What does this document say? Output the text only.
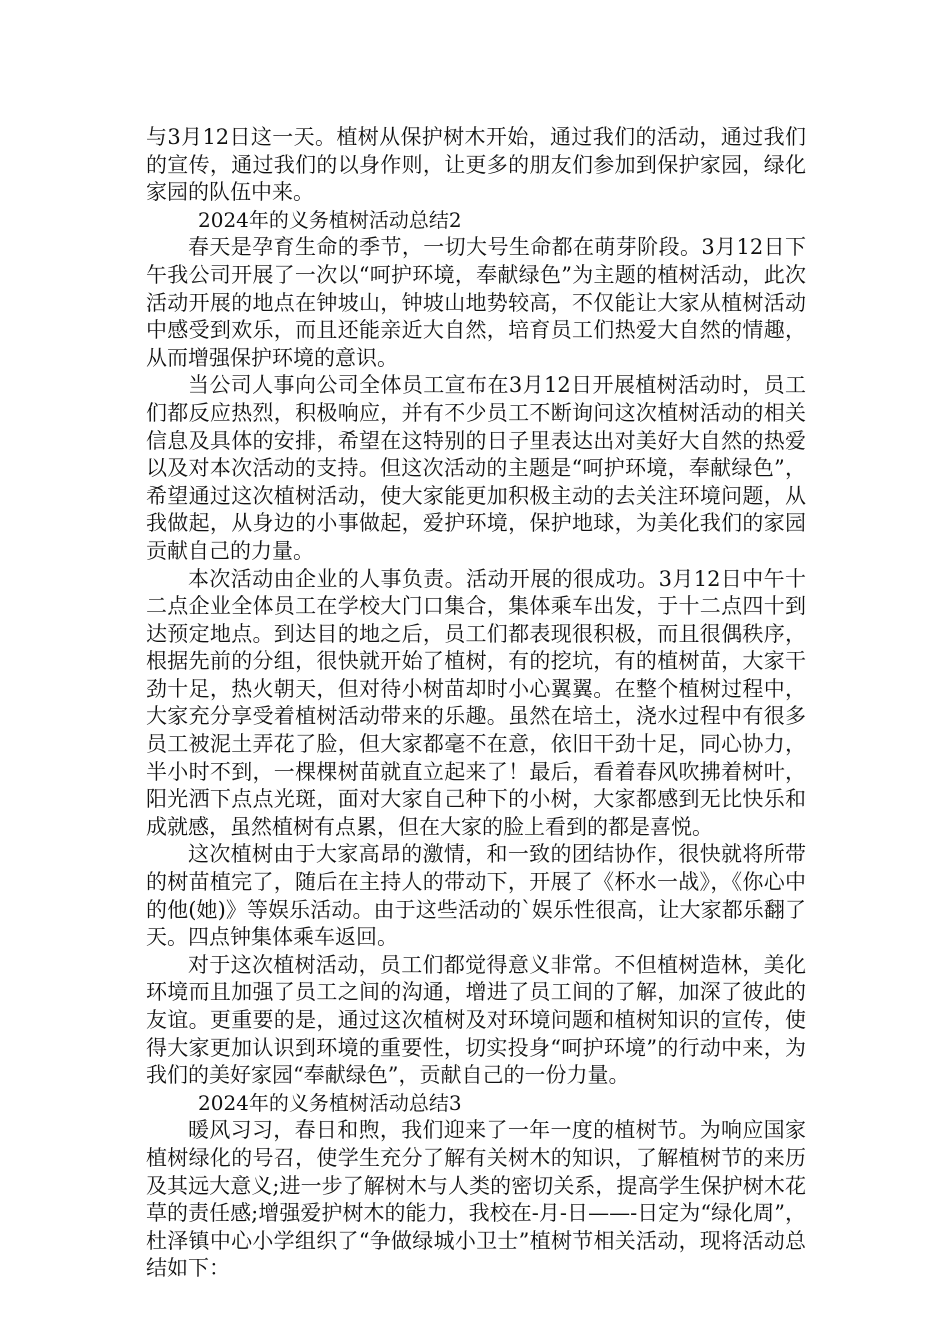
与3月12日这一天。植树从保护树木开始，通过我们的活动，通过我们的宣传，通过我们的以身作则，让更多的朋友们参加到保护家园，绿化家园的队伍中来。

2024年的义务植树活动总结2

春天是孕育生命的季节，一切大号生命都在萌芽阶段。3月12日下午我公司开展了一次以“呵护环境，奉献绿色”为主题的植树活动，此次活动开展的地点在钟坡山，钟坡山地势较高，不仅能让大家从植树活动中感受到欢乐，而且还能亲近大自然，培育员工们热爱大自然的情趣，从而增强保护环境的意识。

当公司人事向公司全体员工宣布在3月12日开展植树活动时，员工们都反应热烈，积极响应，并有不少员工不断询问这次植树活动的相关信息及具体的安排，希望在这特别的日子里表达出对美好大自然的热爱以及对本次活动的支持。但这次活动的主题是“呵护环境，奉献绿色”，希望通过这次植树活动，使大家能更加积极主动的去关注环境问题，从我做起，从身边的小事做起，爱护环境，保护地球，为美化我们的家园贡献自己的力量。

本次活动由企业的人事负责。活动开展的很成功。3月12日中午十二点企业全体员工在学校大门口集合，集体乘车出发，于十二点四十到达预定地点。到达目的地之后，员工们都表现很积极，而且很偶秩序，根据先前的分组，很快就开始了植树，有的挖坑，有的植树苗，大家干劲十足，热火朝天，但对待小树苗却时小心翼翼。在整个植树过程中，大家充分享受着植树活动带来的乐趣。虽然在培土，浇水过程中有很多员工被泥土弄花了脸，但大家都毫不在意，依旧干劲十足，同心协力，半小时不到，一棵棵树苗就直立起来了！最后，看着春风吹拂着树叶，阳光洒下点点光斑，面对大家自己种下的小树，大家都感到无比快乐和成就感，虽然植树有点累，但在大家的脸上看到的都是喜悦。

这次植树由于大家高昂的激情，和一致的团结协作，很快就将所带的树苗植完了，随后在主持人的带动下，开展了《杯水一战》，《你心中的他(她)》等娱乐活动。由于这些活动的`娱乐性很高，让大家都乐翻了天。四点钟集体乘车返回。

对于这次植树活动，员工们都觉得意义非常。不但植树造林，美化环境而且加强了员工之间的沟通，增进了员工间的了解，加深了彼此的友谊。更重要的是，通过这次植树及对环境问题和植树知识的宣传，使得大家更加认识到环境的重要性，切实投身“呵护环境”的行动中来，为我们的美好家园“奉献绿色”，贡献自己的一份力量。

2024年的义务植树活动总结3

暖风习习，春日和煦，我们迎来了一年一度的植树节。为响应国家植树绿化的号召，使学生充分了解有关树木的知识，了解植树节的来历及其远大意义;进一步了解树木与人类的密切关系，提高学生保护树木花草的责任感;增强爱护树木的能力，我校在-月-日——-日定为“绿化周”，杜泽镇中心小学组织了“争做绿城小卫士”植树节相关活动，现将活动总结如下：
